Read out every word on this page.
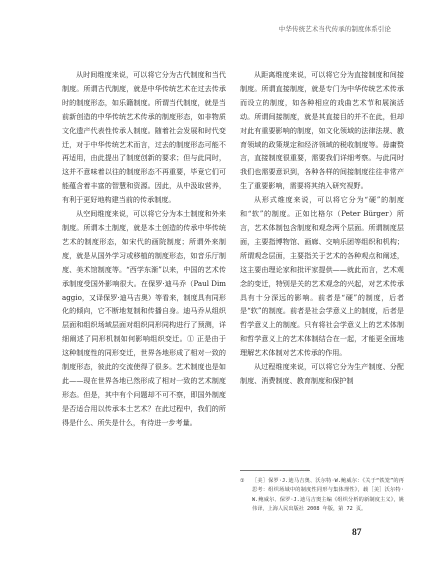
中华传统艺术当代传承的制度体系引论

从时间维度来说，可以将它分为古代制度和当代制度。所谓古代制度，就是中华传统艺术在过去传承时的制度形态，如乐籍制度。所谓当代制度，就是当前新创造的中华传统艺术传承的制度形态，如非物质文化遗产代表性传承人制度。随着社会发展和时代变迁，对于中华传统艺术而言，过去的制度形态可能不再适用，由此提出了制度创新的要求；但与此同时，这并不意味着以往的制度形态不再重要，毕竟它们可能蕴含着丰富的智慧和资源。因此，从中汲取营养，有利于更好地构建当前的传承制度。

从空间维度来说，可以将它分为本土制度和外来制度。所谓本土制度，就是本土创造的传承中华传统艺术的制度形态，如宋代的画院制度；所谓外来制度，就是从国外学习或移植的制度形态，如音乐厅制度、美术馆制度等。“西学东渐”以来，中国的艺术传承制度受国外影响很大。在保罗·迪马乔（Paul Dimaggio，又译保罗·迪马吉奥）等看来，制度具有同形化的倾向，它不断地复制和传播自身。迪马乔从组织层面和组织场域层面对组织同形同构进行了预测，详细阐述了同形机制如何影响组织变迁。① 正是由于这种制度性的同形变迁，世界各地形成了相对一致的制度形态，彼此的交流使得了很多。艺术制度也是如此——现在世界各地已然形成了相对一致的艺术制度形态。但是，其中有个问题却不可不察，即国外制度是否适合用以传承本土艺术？在此过程中，我们的所得是什么、所失是什么，有待进一步考量。

从距离维度来说，可以将它分为直接制度和间接制度。所谓直接制度，就是专门为中华传统艺术传承而设立的制度，如各种相应的戏曲艺术节和展演活动。所谓间接制度，就是其直接目的并不在此，但却对此有重要影响的制度，如文化领域的法律法规、教育领域的政策规定和经济领域的税收制度等。毋庸赘言，直接制度很重要，需要我们详细考察。与此同时我们也需要意识到，各种各样的间接制度往往非常产生了重要影响，需要将其纳入研究视野。

从形式维度来说，可以将它分为“硬”的制度和“软”的制度。正如比格尔（Peter Bürger）所言，艺术体制包含制度和观念两个层面。所谓制度层面，主要指博物馆、画廊、交响乐团等组织和机构；所谓观念层面，主要指关于艺术的各种观点和阐述，这主要由理论家和批评家提供——就此而言，艺术观念的变迁，特别是关的艺术观念的兴起，对艺术传承具有十分深远的影响。前者是“硬”的制度，后者是“软”的制度。前者是社会学意义上的制度，后者是哲学意义上的制度。只有将社会学意义上的艺术体制和哲学意义上的艺术体制结合在一起，才能更全面地理解艺术体制对艺术传承的作用。

从过程维度来说，可以将它分为生产制度、分配制度、消费制度、教育制度和保护制

① ［美］保罗·J.迪马吉奥、沃尔特·W.鲍威尔：《关于“铁笼”的再思考：组织场域中的制度性同形与集体理性》，载［美］沃尔特·W.鲍威尔、保罗·J.迪马吉奥主编《组织分析的新制度主义》，姚伟译，上海人民出版社 2008 年版，第 72 页。
87
